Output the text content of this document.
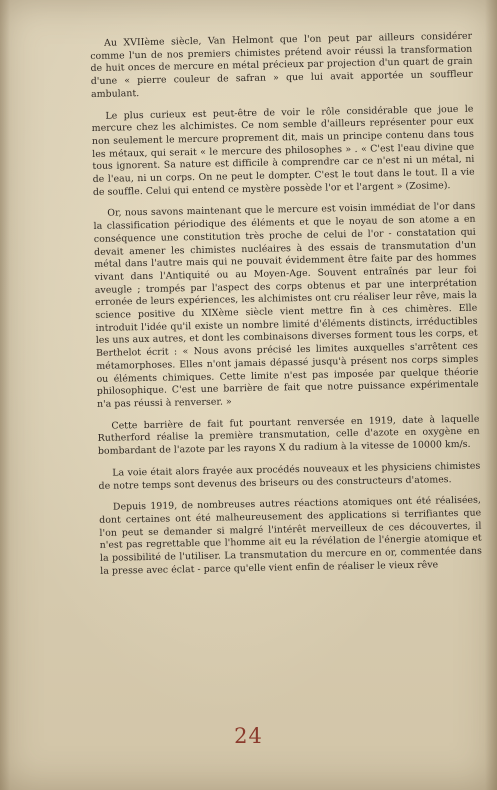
Au XVIIème siècle, Van Helmont que l'on peut par ailleurs considérer comme l'un de nos premiers chimistes prétend avoir réussi la transformation de huit onces de mercure en métal précieux par projection d'un quart de grain d'une « pierre couleur de safran » que lui avait apportée un souffleur ambulant.

Le plus curieux est peut-être de voir le rôle considérable que joue le mercure chez les alchimistes. Ce nom semble d'ailleurs représenter pour eux non seulement le mercure proprement dit, mais un principe contenu dans tous les métaux, qui serait « le mercure des philosophes » . « C'est l'eau divine que tous ignorent. Sa nature est difficile à comprendre car ce n'est ni un métal, ni de l'eau, ni un corps. On ne peut le dompter. C'est le tout dans le tout. Il a vie de souffle. Celui qui entend ce mystère possède l'or et l'argent » (Zosime).

Or, nous savons maintenant que le mercure est voisin immédiat de l'or dans la classification périodique des éléments et que le noyau de son atome a en conséquence une constitution très proche de celui de l'or - constatation qui devait amener les chimistes nucléaires à des essais de transmutation d'un métal dans l'autre mais qui ne pouvait évidemment être faite par des hommes vivant dans l'Antiquité ou au Moyen-Age. Souvent entraînés par leur foi aveugle ; trompés par l'aspect des corps obtenus et par une interprétation erronée de leurs expériences, les alchimistes ont cru réaliser leur rêve, mais la science positive du XIXème siècle vient mettre fin à ces chimères. Elle introduit l'idée qu'il existe un nombre limité d'éléments distincts, irréductibles les uns aux autres, et dont les combinaisons diverses forment tous les corps, et Berthelot écrit : « Nous avons précisé les limites auxquelles s'arrêtent ces métamorphoses. Elles n'ont jamais dépassé jusqu'à présent nos corps simples ou éléments chimiques. Cette limite n'est pas imposée par quelque théorie philosophique. C'est une barrière de fait que notre puissance expérimentale n'a pas réussi à renverser. »

Cette barrière de fait fut pourtant renversée en 1919, date à laquelle Rutherford réalise la première transmutation, celle d'azote en oxygène en bombardant de l'azote par les rayons X du radium à la vitesse de 10000 km/s.

La voie était alors frayée aux procédés nouveaux et les physiciens chimistes de notre temps sont devenus des briseurs ou des constructeurs d'atomes.

Depuis 1919, de nombreuses autres réactions atomiques ont été réalisées, dont certaines ont été malheureusement des applications si terrifiantes que l'on peut se demander si malgré l'intérêt merveilleux de ces découvertes, il n'est pas regrettable que l'homme ait eu la révélation de l'énergie atomique et la possibilité de l'utiliser. La transmutation du mercure en or, commentée dans la presse avec éclat - parce qu'elle vient enfin de réaliser le vieux rêve

24
